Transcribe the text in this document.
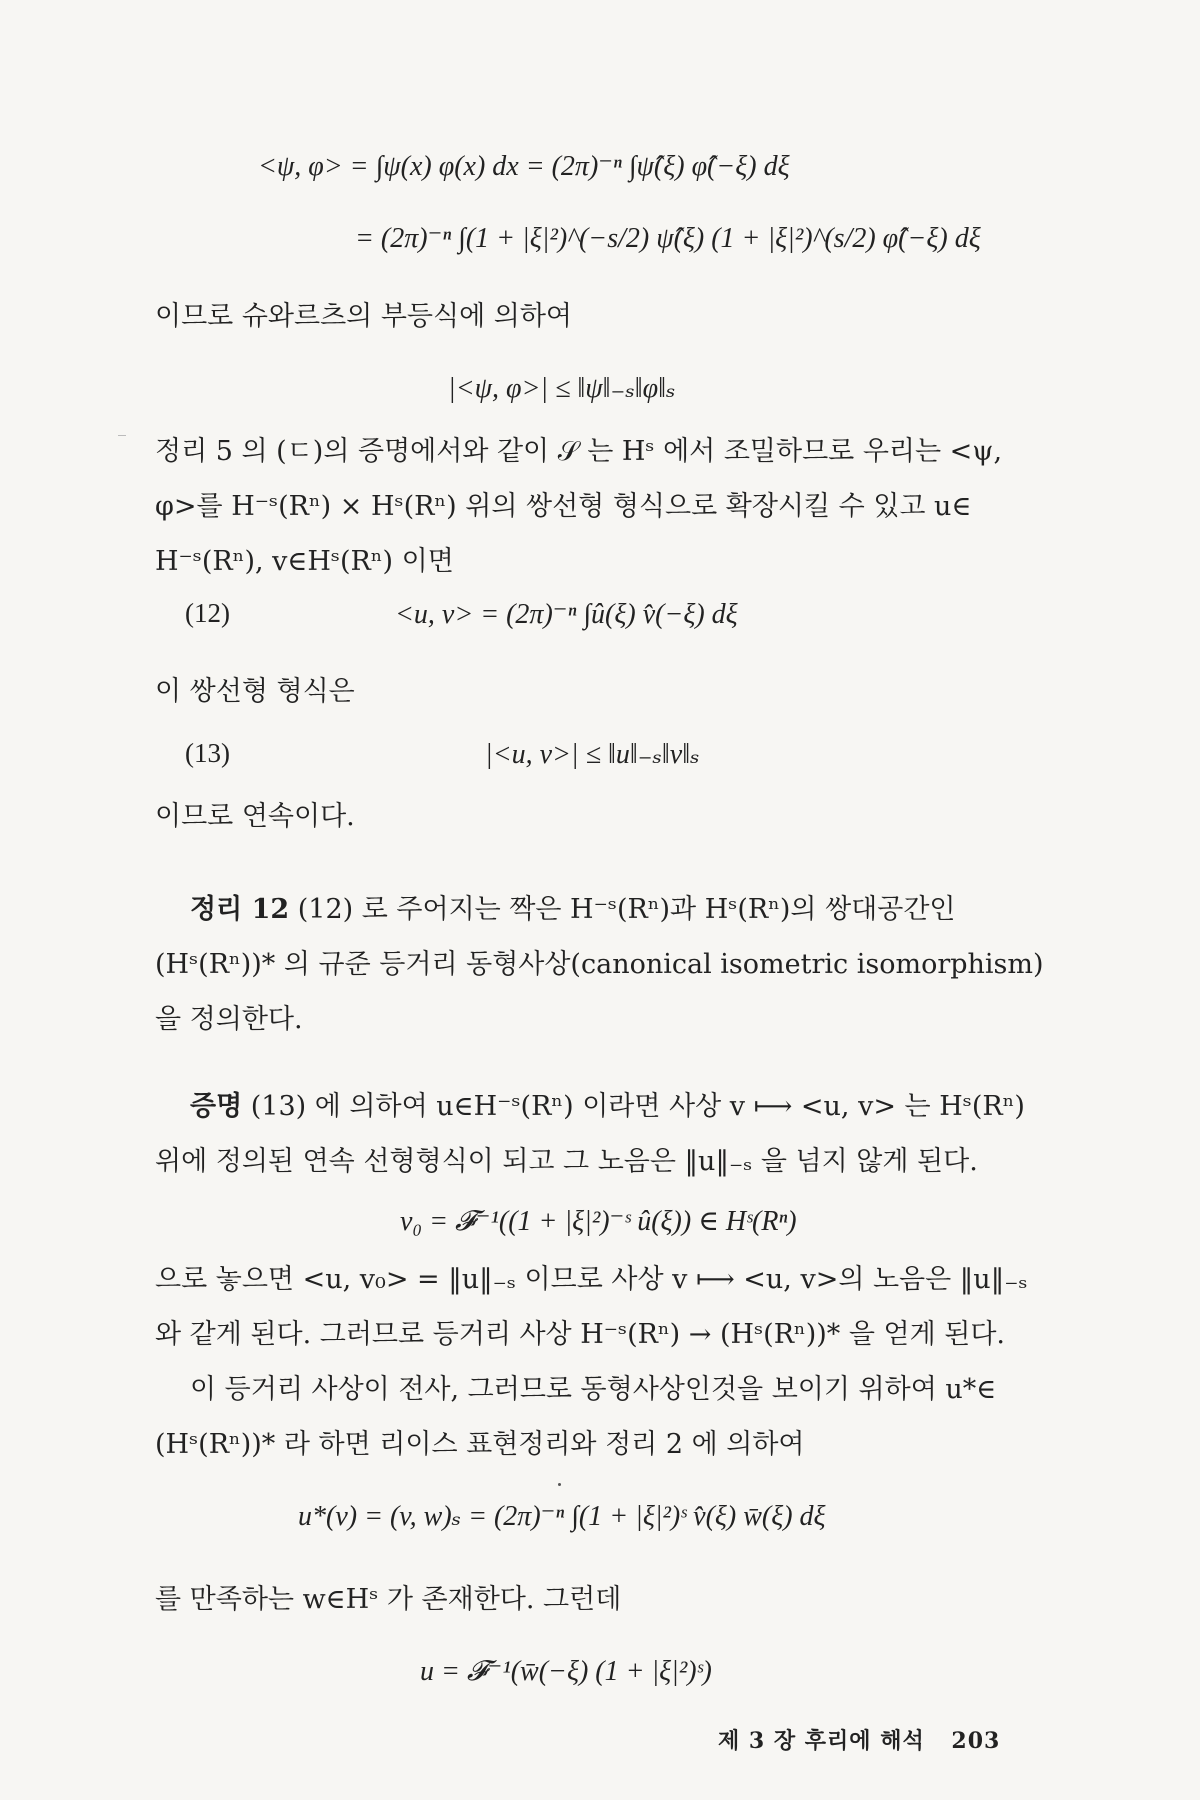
<ψ, φ> = ∫ψ(x) φ(x) dx = (2π)⁻ⁿ ∫ψ̂(ξ) φ̂(−ξ) dξ
= (2π)⁻ⁿ ∫(1 + |ξ|²)^(−s/2) ψ̂(ξ) (1 + |ξ|²)^(s/2) φ̂(−ξ) dξ
이므로 슈와르츠의 부등식에 의하여
|<ψ, φ>| ≤ ‖ψ‖₋ₛ‖φ‖ₛ
정리 5 의 (ㄷ)의 증명에서와 같이 𝒮 는 Hˢ 에서 조밀하므로 우리는 <ψ,
φ>를 H⁻ˢ(Rⁿ) × Hˢ(Rⁿ) 위의 쌍선형 형식으로 확장시킬 수 있고 u∈
H⁻ˢ(Rⁿ), v∈Hˢ(Rⁿ) 이면
(12)	<u, v> = (2π)⁻ⁿ ∫û(ξ) v̂(−ξ) dξ
이 쌍선형 형식은
(13)	|<u, v>| ≤ ‖u‖₋ₛ‖v‖ₛ
이므로 연속이다.
정리 12 (12) 로 주어지는 짝은 H⁻ˢ(Rⁿ)과 Hˢ(Rⁿ)의 쌍대공간인
(Hˢ(Rⁿ))* 의 규준 등거리 동형사상(canonical isometric isomorphism)
을 정의한다.
증명 (13) 에 의하여 u∈H⁻ˢ(Rⁿ) 이라면 사상 v ⟼ <u, v> 는 Hˢ(Rⁿ)
위에 정의된 연속 선형형식이 되고 그 노음은 ‖u‖₋ₛ 을 넘지 않게 된다.
v₀ = 𝓕⁻¹((1 + |ξ|²)⁻ˢ û(ξ)) ∈ Hˢ(Rⁿ)
으로 놓으면 <u, v₀> = ‖u‖₋ₛ 이므로 사상 v ⟼ <u, v>의 노음은 ‖u‖₋ₛ
와 같게 된다. 그러므로 등거리 사상 H⁻ˢ(Rⁿ) → (Hˢ(Rⁿ))* 을 얻게 된다.
이 등거리 사상이 전사, 그러므로 동형사상인것을 보이기 위하여 u*∈
(Hˢ(Rⁿ))* 라 하면 리이스 표현정리와 정리 2 에 의하여
u*(v) = (v, w)ₛ = (2π)⁻ⁿ ∫(1 + |ξ|²)ˢ v̂(ξ) w̄(ξ) dξ
를 만족하는 w∈Hˢ 가 존재한다. 그런데
u = 𝓕⁻¹(w̄(−ξ) (1 + |ξ|²)ˢ)
제 3 장 후리에 해석 203
